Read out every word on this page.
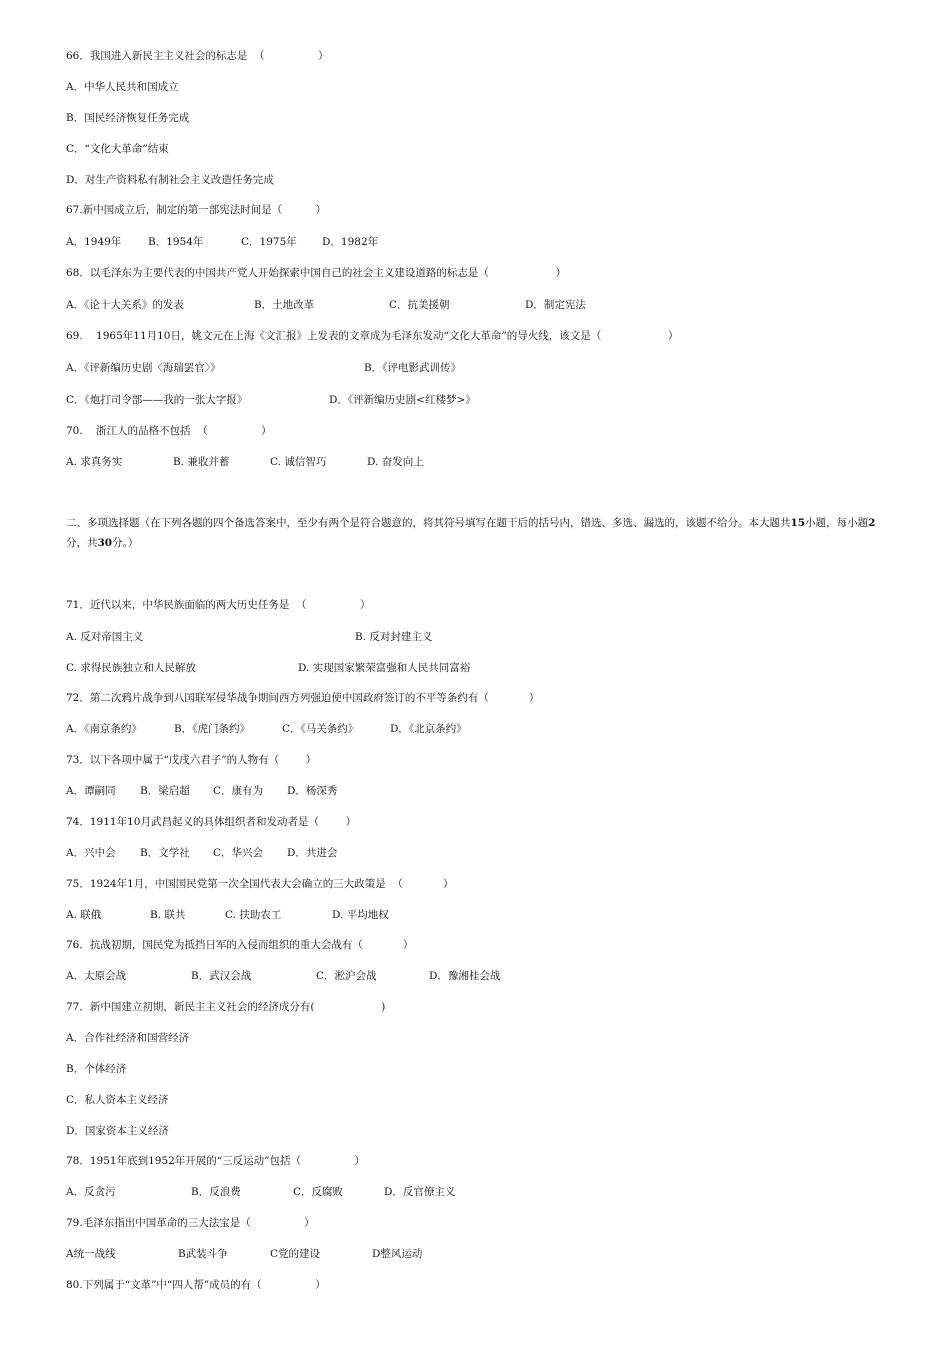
66．我国进入新民主主义社会的标志是  （                ）
A．中华人民共和国成立
B．国民经济恢复任务完成
C．“文化大革命”结束
D．对生产资料私有制社会主义改造任务完成
67.新中国成立后，制定的第一部宪法时间是（          ）
A．1949年	B．1954年	C．1975年 D．1982年
68．以毛泽东为主要代表的中国共产党人开始探索中国自己的社会主义建设道路的标志是（                    ）
A．《论十大关系》的发表	B．土地改革	C．抗美援朝	D．制定宪法
69.    1965年11月10日，姚文元在上海《文汇报》上发表的文章成为毛泽东发动“文化大革命”的导火线，该文是（                    ）
A．《评新编历史剧〈海瑞罢官〉》	B．《评电影武训传》
C．《炮打司令部——我的一张大字报》	D．《评新编历史剧<红楼梦>》
70.    浙江人的品格不包括  （                ）
A. 求真务实	B. 兼收并蓄	C. 诚信智巧	D. 奋发向上
二、多项选择题（在下列各题的四个备选答案中，至少有两个是符合题意的，将其符号填写在题干后的括号内，错选、多选、漏选的，该题不给分。本大题共15小题，每小题2分，共30分。）
71．近代以来，中华民族面临的两大历史任务是  （                ）
A. 反对帝国主义	B. 反对封建主义
C. 求得民族独立和人民解放	D. 实现国家繁荣富强和人民共同富裕
72．第二次鸦片战争到八国联军侵华战争期间西方列强迫使中国政府签订的不平等条约有（            ）
A．《南京条约》	B．《虎门条约》	C．《马关条约》	D．《北京条约》
73．以下各项中属于“戊戌六君子”的人物有（        ）
A．谭嗣同 B．梁启超 C．康有为 D．杨深秀
74．1911年10月武昌起义的具体组织者和发动者是（        ）
A．兴中会 B．文学社 C．华兴会 D．共进会
75．1924年1月，中国国民党第一次全国代表大会确立的三大政策是  （            ）
A. 联俄	B. 联共	C. 扶助农工	D. 平均地权
76．抗战初期，国民党为抵挡日军的入侵而组织的重大会战有（            ）
A．太原会战	B．武汉会战	C．淞沪会战	D．豫湘桂会战
77．新中国建立初期，新民主主义社会的经济成分有(                    )
A．合作社经济和国营经济
B．个体经济
C．私人资本主义经济
D．国家资本主义经济
78．1951年底到1952年开展的“三反运动”包括（                ）
A．反贪污	B．反浪费	C．反腐败	D．反官僚主义
79.毛泽东指出中国革命的三大法宝是（                ）
A统一战线	B武装斗争	C党的建设	D整风运动
80.下列属于“文革”中“四人帮”成员的有（                ）
